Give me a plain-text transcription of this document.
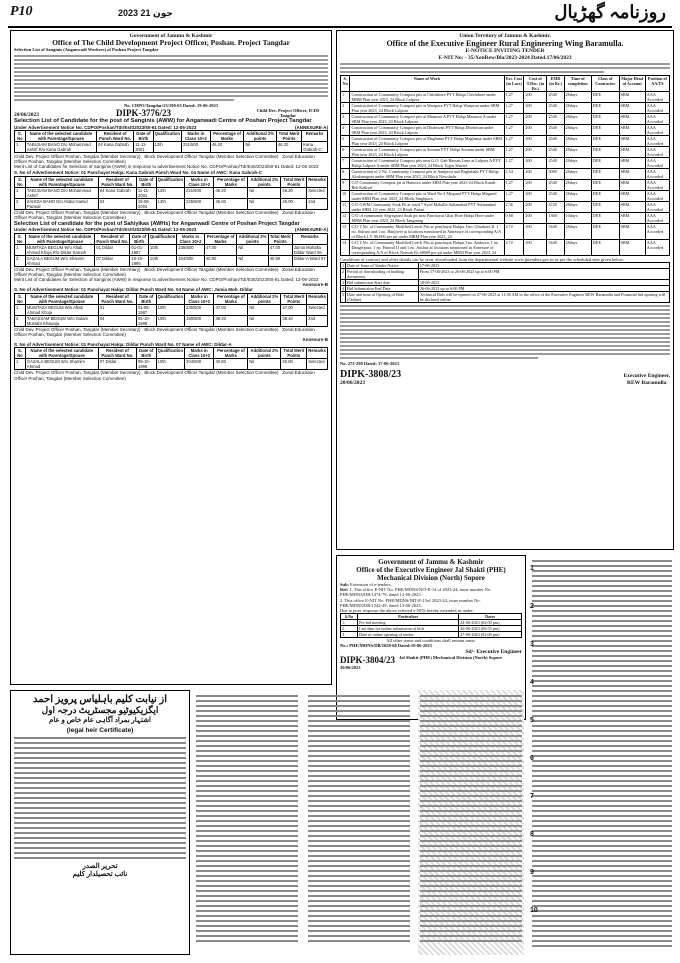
P10	2023 جون 21	روزنامہ گھڑیال
Government of Jammu & Kashmir
Office of The Child Development Project Officer, Poshan. Project Tangdar
Selection List of Sanginis (Anganwadi Workers) of Poshan Project Tangdar
No. CDPO/Tangdar/23/190-63 Dated: 19-06-2023
20/06/2023	DIPK-3776/23	Child Dev. Project Officer, ICDS Tangdar
Selection List of Candidate for the post of Sanginis (AWW) for Anganwadi Centre of Poshan Project Tangdar
Under Advertisement Notice No. CDPO/Poshan/Tdr/Estt/2023/50-61 Dated: 12-05-2023	(ANNEXURE-A)
S. No	Name of the selected candidate with Parentage/Spouse	Resident of Panch Ward No.	Date of Birth	Qualification	Marks in Class 10+2	Percentage of Marks	Additional 2% points	Total Merit Points	Remarks
1	TABUSAM BANO D/o Mohammad Ashrif R/o Kana Gabrah	04 Kana Gabrah	11-11-2001	12th	231/500	46.20	Nil	46.20	Kana Gabrah-C
Child Dev. Project Officer Poshan, Tangdar (Member Secretary) Block Development Officer Tangdar (Member Selection Committee) Zonal Education Officer Poshan, Tangdar (Member Selection Committee)
Merit List of Candidates for Selection of Sanginis (AWW) in response to advertisement Notice No. CDPO/Poshan/Tdr/Estt/2023/50-61 Dated: 12-05-2023
S. No of Advertisement Notice: 01 Panchayat Halqa: Kana Gabrah Panch Ward No. 04 Name of AWC: Kana Gabrah-C
S. No	Name of the selected candidate with Parentage/Spouse	Resident of Panch Ward No.	Date of Birth	Qualification	Marks in Class 10+2	Percentage of Marks	Additional 2% points	Total Merit Points	Remarks
1	TABUSAM BANO D/o Mohammad Ashrif	04 Kana Gabrah	11-11-2001	12th	231/500	46.20	Nil	46.20	Selected
2	ZAHIDA BANO D/o Abdul Hamid Pazwal	04	18-06-2004	12th	225/500	45.00	Nil	45.00	2nd
Child Dev. Project Officer Poshan, Tangdar (Member Secretary) Block Development Officer Tangdar (Member Selection Committee) Zonal Education Officer Poshan, Tangdar (Member Selection Committee)
Selection List of candidate for the post of Sahiyikas (AWHs) for Anganwadi Centre of Poshan Project Tangdar
Under Advertisement Notice No. CDPO/Poshan/Tdr/Estt/2023/50-61 Dated: 12-05-2023	(ANNEXURE-A)
S. No	Name of the selected candidate with Parentage/Spouse	Resident of Panch Ward No.	Date of Birth	Qualification	Marks in Class 10+2	Percentage of Marks	Additional 2% points	Total Merit Points	Remarks
1	MUMTAZA BEGUM W/o Aftab Ahmad Khoja R/o Dildar Karnah	01 Dildar	01-01-1987	10th	235/500	47.00	Nil	47.00	Jamia Mohalla Dildar Ward 06
2	GAZALA BEGUM W/o Shamim Ahmad	07 Dildar	10-10-1995	10th	204/500	40.80	Nil	40.80	Dildar-A Ward 07
Child Dev. Project Officer Poshan, Tangdar (Member Secretary) Block Development Officer Tangdar (Member Selection Committee) Zonal Education Officer Poshan, Tangdar (Member Selection Committee)
Merit List of Candidates for Selection of Sanginis (AWW) in response to advertisement Notice No. CDPO/Poshan/Tdr/Estt/2023/50-61 Dated: 12-05-2023
Annexure-B
S. No of Advertisement Notice: 01 Panchayat Halqa: Dildar Punch Ward No. 04 Name of AWC: Jamia Moh. Dildar
S. No	Name of the selected candidate with Parentage/Spouse	Resident of Panch Ward No.	Date of Birth	Qualification	Marks in Class 10+2	Percentage of Marks	Additional 2% points	Total Merit Points	Remarks
1	MUMTAZA BEGUM W/o Aftab Ahmad Khoja	01	01-05-1987	10th	235/500	47.00	Nil	47.00	Selected
2	TABASSAM BEGUM W/o Gulam Mustafa Khawaja	04	05-10-1998	10th	190/500	38.40	Nil	38.40	2nd
Child Dev. Project Officer Poshan, Tangdar (Member Secretary) Block Development Officer Tangdar (Member Selection Committee) Zonal Education Officer Poshan, Tangdar (Member Selection Committee)
Annexure-B
S. No of Advertisement Notice: 01 Panchayat Halqa: Dildar Punch Ward No. 07 Name of AWC: Dildar-A
S. No	Name of the selected candidate with Parentage/Spouse	Resident of Panch Ward No.	Date of Birth	Qualification	Marks in Class 10+2	Percentage of Marks	Additional 2% points	Total Merit Points	Remarks
1	GAZALA BEGUM W/o Shamim Ahmad	07 Dildar	08-10-1995	10th	204/500	40.80	Nil	40.80	Selected
Child Dev. Project Officer Poshan, Tangdar (Member Secretary) Block Development Officer Tangdar (Member Selection Committee) Zonal Education Officer Poshan, Tangdar (Member Selection Committee)
Union Territory of Jammu & Kashmir.
Office of the Executive Engineer Rural Engineering Wing Baramulla.
E-NOTICE INVITING TENDER
E-NIT No: - 35/XenRew/Bla/2023-2024 Dated.17/06/2023
S. No	Name of Work	Est. Cost (in Lacs)	Cost of T.Doc. (in Rs.)	EMD (in Rs.)	Time of completion	Class of Contractor	Major Head of Account	Position of AA/TS
1	Construction of Community Compost pits at Chichibore PYT Halqa Chichibore under MBM Plan year 2023_24 Block Lalpora	1.27	200	2540	28days	DEE	SBM	AAA Accorded
2	Construction of Community Compost pits at Waripora PYT Halqa Waripora under SBM Plan year 2023_24 Block Lalpora	1.27	200	2540	28days	DEE	SBM	AAA Accorded
3	Construction of Community Compost pits at Manzoor A PYT Halqa Manzoor A under SBM Plan year 2023_24 Block Lalpora	1.27	200	2540	28days	DEE	SBM	AAA Accorded
4	Construction of Community Compost pits at Dhobiwan PYT Halqa Dhobiwan under SBM Plan year 2023_24 Block Lalpora	1.27	200	2540	28days	DEE	SBM	AAA Accorded
5	Construction of Community Compost pits at Maghama PYT Halqa Maghama under SBM Plan year 2023_24 Block Lalpora	1.27	200	2540	28days	DEE	SBM	AAA Accorded
6	Construction of Community Compost pits at Sonium PYT Halqa Sonium under SBM Plan year 2023_24 Block Lalpora	1.27	200	2540	28days	DEE	SBM	AAA Accorded
7	Construction of Community Compost pits near G.O. Gah Hassan Lone at Lalpora A PYT Halqa Lalpora A under SBM Plan year 2023_24 Block Tujjar Sharief	1.27	200	2540	28days	DEE	SBM	AAA Accorded
8	Construction of 2 No. Community Compost pits at Aanipora and Baghshahi PYT Halqa Aloshampora under SBM Plan year 2023_24 Block Nowshahr	2.54	200	5080	28days	DEE	SBM	AAA Accorded
9	C/O Community Compost pit at Hanoora under SBM Plan year 2023-24 Block Kandi-Beh Kathyal	1.27	200	2540	28days	DEE	SBM	AAA Accorded
10	Construction of Community Compost pits at Ward No 4 Mirgund PYT Halqa Mirgund under SBM Plan year 2023_24 Block Singhpora	1.27	200	2540	28days	DEE	SBM	AAA Accorded
11	C/O GWM Community Soak Pit at ward 7 Syed Mohalla Sultanabad PYT Sultanabad under SBM, GJ year 2022_23 Block Pattan	2.36	200	4720	28days	DEE	SBM	AAA Accorded
12	C/O of community Segregated Soak pit near Panchayat Ghar Hore Halqa Hore under MBM Plan year 2023_24 Block Tangmarg	0.68	200	1360	10days	DEE	SBM	AAA Accorded
13	C/O 2 No. of Community Modified Leech Pits at panchayat Halqas I-no. Ghurkote II, 1 no. Sulrani and 1 no. Hanjiwer at locations mentioned in Annexure of corresponding A/A of Block I.V. 86,000 per pit under MBM Plan year 2023_24	2.72	200	5440	28days	DEE	SBM	AAA Accorded
14	C/O 4 No. of Community Modified Leech Pits at panchayat Halqas I no. Andoora, 1 no. Dangerpora, 1 no. Harwal II and 1 no. Anchar at locations mentioned in Annexure of corresponding A/A of Block Narwah Rs 68000 per pit under MBM Plan year 2023_24	2.72	200	5440	28days	DEE	SBM	AAA Accorded
Conditions of contract and other details can be seen, downloaded from the departmental website www.jktenders.gov.in as per the scheduled date given below.
1	Date of Issue of Tender Notice	17-06-2023
2	Period of downloading of bidding documents	From 17-06-2023 to 26-06-2023 up to 6:00 PM
3	Bid submission Start date	18-06-2023
4	Bid Submission End Date	26-06-2023 up to 6:00 PM
5	Date and time of Opening of Bids (Online)	Technical Bids will be opened on 27-06-2023 at 11:00 AM in the office of the Executive Engineer REW Baramulla and Financial bid opening will be declared online.
No. 273-298 Dated: 17-06-2023
DIPK-3808/23
20/06/2023
Executive Engineer,
REW Baramulla
Government of Jammu & Kashmir
Office of the Executive Engineer Jal Shakti (PHE) Mechanical Division (North) Sopore
Sub: Extension of e-tenders.
Ref: 1. This office E-NIT No. PHE/MDNS/NIT-E-14 of 2023-24, issue number No. PHE/MDNS/DB/1474-79, dated 12-06-2023.
2. This office E-NIT No. PHE/MDNS/NIT-E-15of 2023-24, issue number No. PHE/MDNS/DB/1542-49, dated 13-06-2023.
Due to poor response the above referred e-NITs hereby extended as under:
S.No	Particulars	Dates
1.	Pre bid meeting	24-06-2023 (02:00 pm)
2.	Last date for online submission of bids	26-06-2023 (06:55 pm)
3.	Date of online opening of tender	27-06-2023 (02:00 pm)
All other terms and conditions shall remain same.
No.: PHE/MDNS/DB/1658-60 Dated:19-06-2023
Sd/- Executive Engineer
DIPK-3804/23
20/06/2023
Jal Shakti (PHE) Mechanical Division (North) Sopore
1
2
3
4
5
6
7
8
9
10
از نیابت کلیم باہلیاس پرویز احمد
ایگزیکیوٹیو مجسٹریٹ درجہ اول
اشتہار بمراد آگاہی عام خاص و عام
(legal heir Certificate)
تحریر الصدر
نائب تحصیلدار کلیم
